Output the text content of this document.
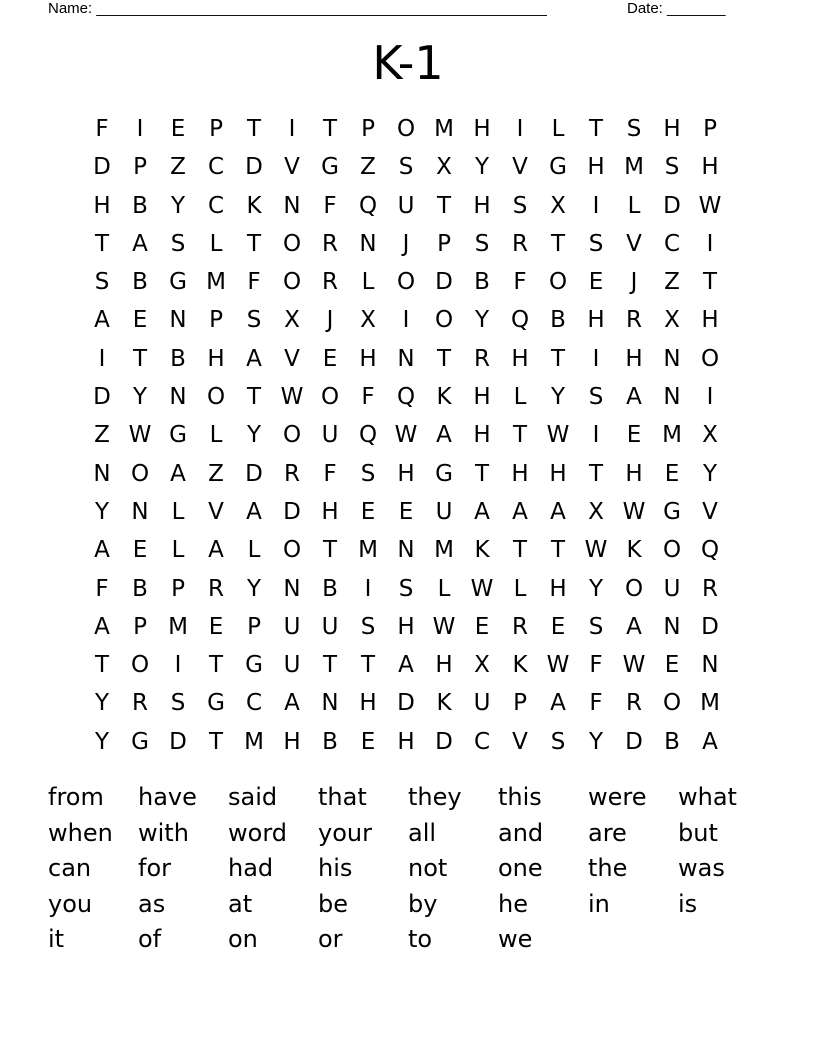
Name: ______________________________________________________	Date: _______
K-1
F	I	E	P	T	I	T	P O M H	I	L	T	S H P
D P	Z C D V G Z S X	Y	V G H M S H
H B	Y C K N F Q U T H S X	I	L D W
T	A S	L	T O R N	J	P	S R T	S V C	I
S B G M F O R	L O D B	F O E	J	Z	T
A E N P	S X	J	X	I	O Y Q B H R X H
I	T	B H A V E H N T R H T	I	H N O
D Y N O T W O F Q K H L	Y	S A N	I
Z W G L	Y O U Q W A H T W	I	E M X
N O A Z D R	F	S H G T H H T H E	Y
Y N L	V A D H E	E U A A A X W G V
A E	L	A	L O T M N M K	T	T W K O Q
F	B	P	R Y N B	I	S	L W L H Y O U R
A	P M E	P U U S H W E R E	S A N D
T O	I	T G U T	T	A H X K W F W E N
Y R S G C A N H D K U P	A	F	R O M
Y G D T M H B E H D C V S	Y D B A
from	have	said	that	they	this	were	what
when	with	word	your	all	and	are	but
can	for	had	his	not	one	the	was
you	as	at	be	by	he	in	is
it	of	on	or	to	we
